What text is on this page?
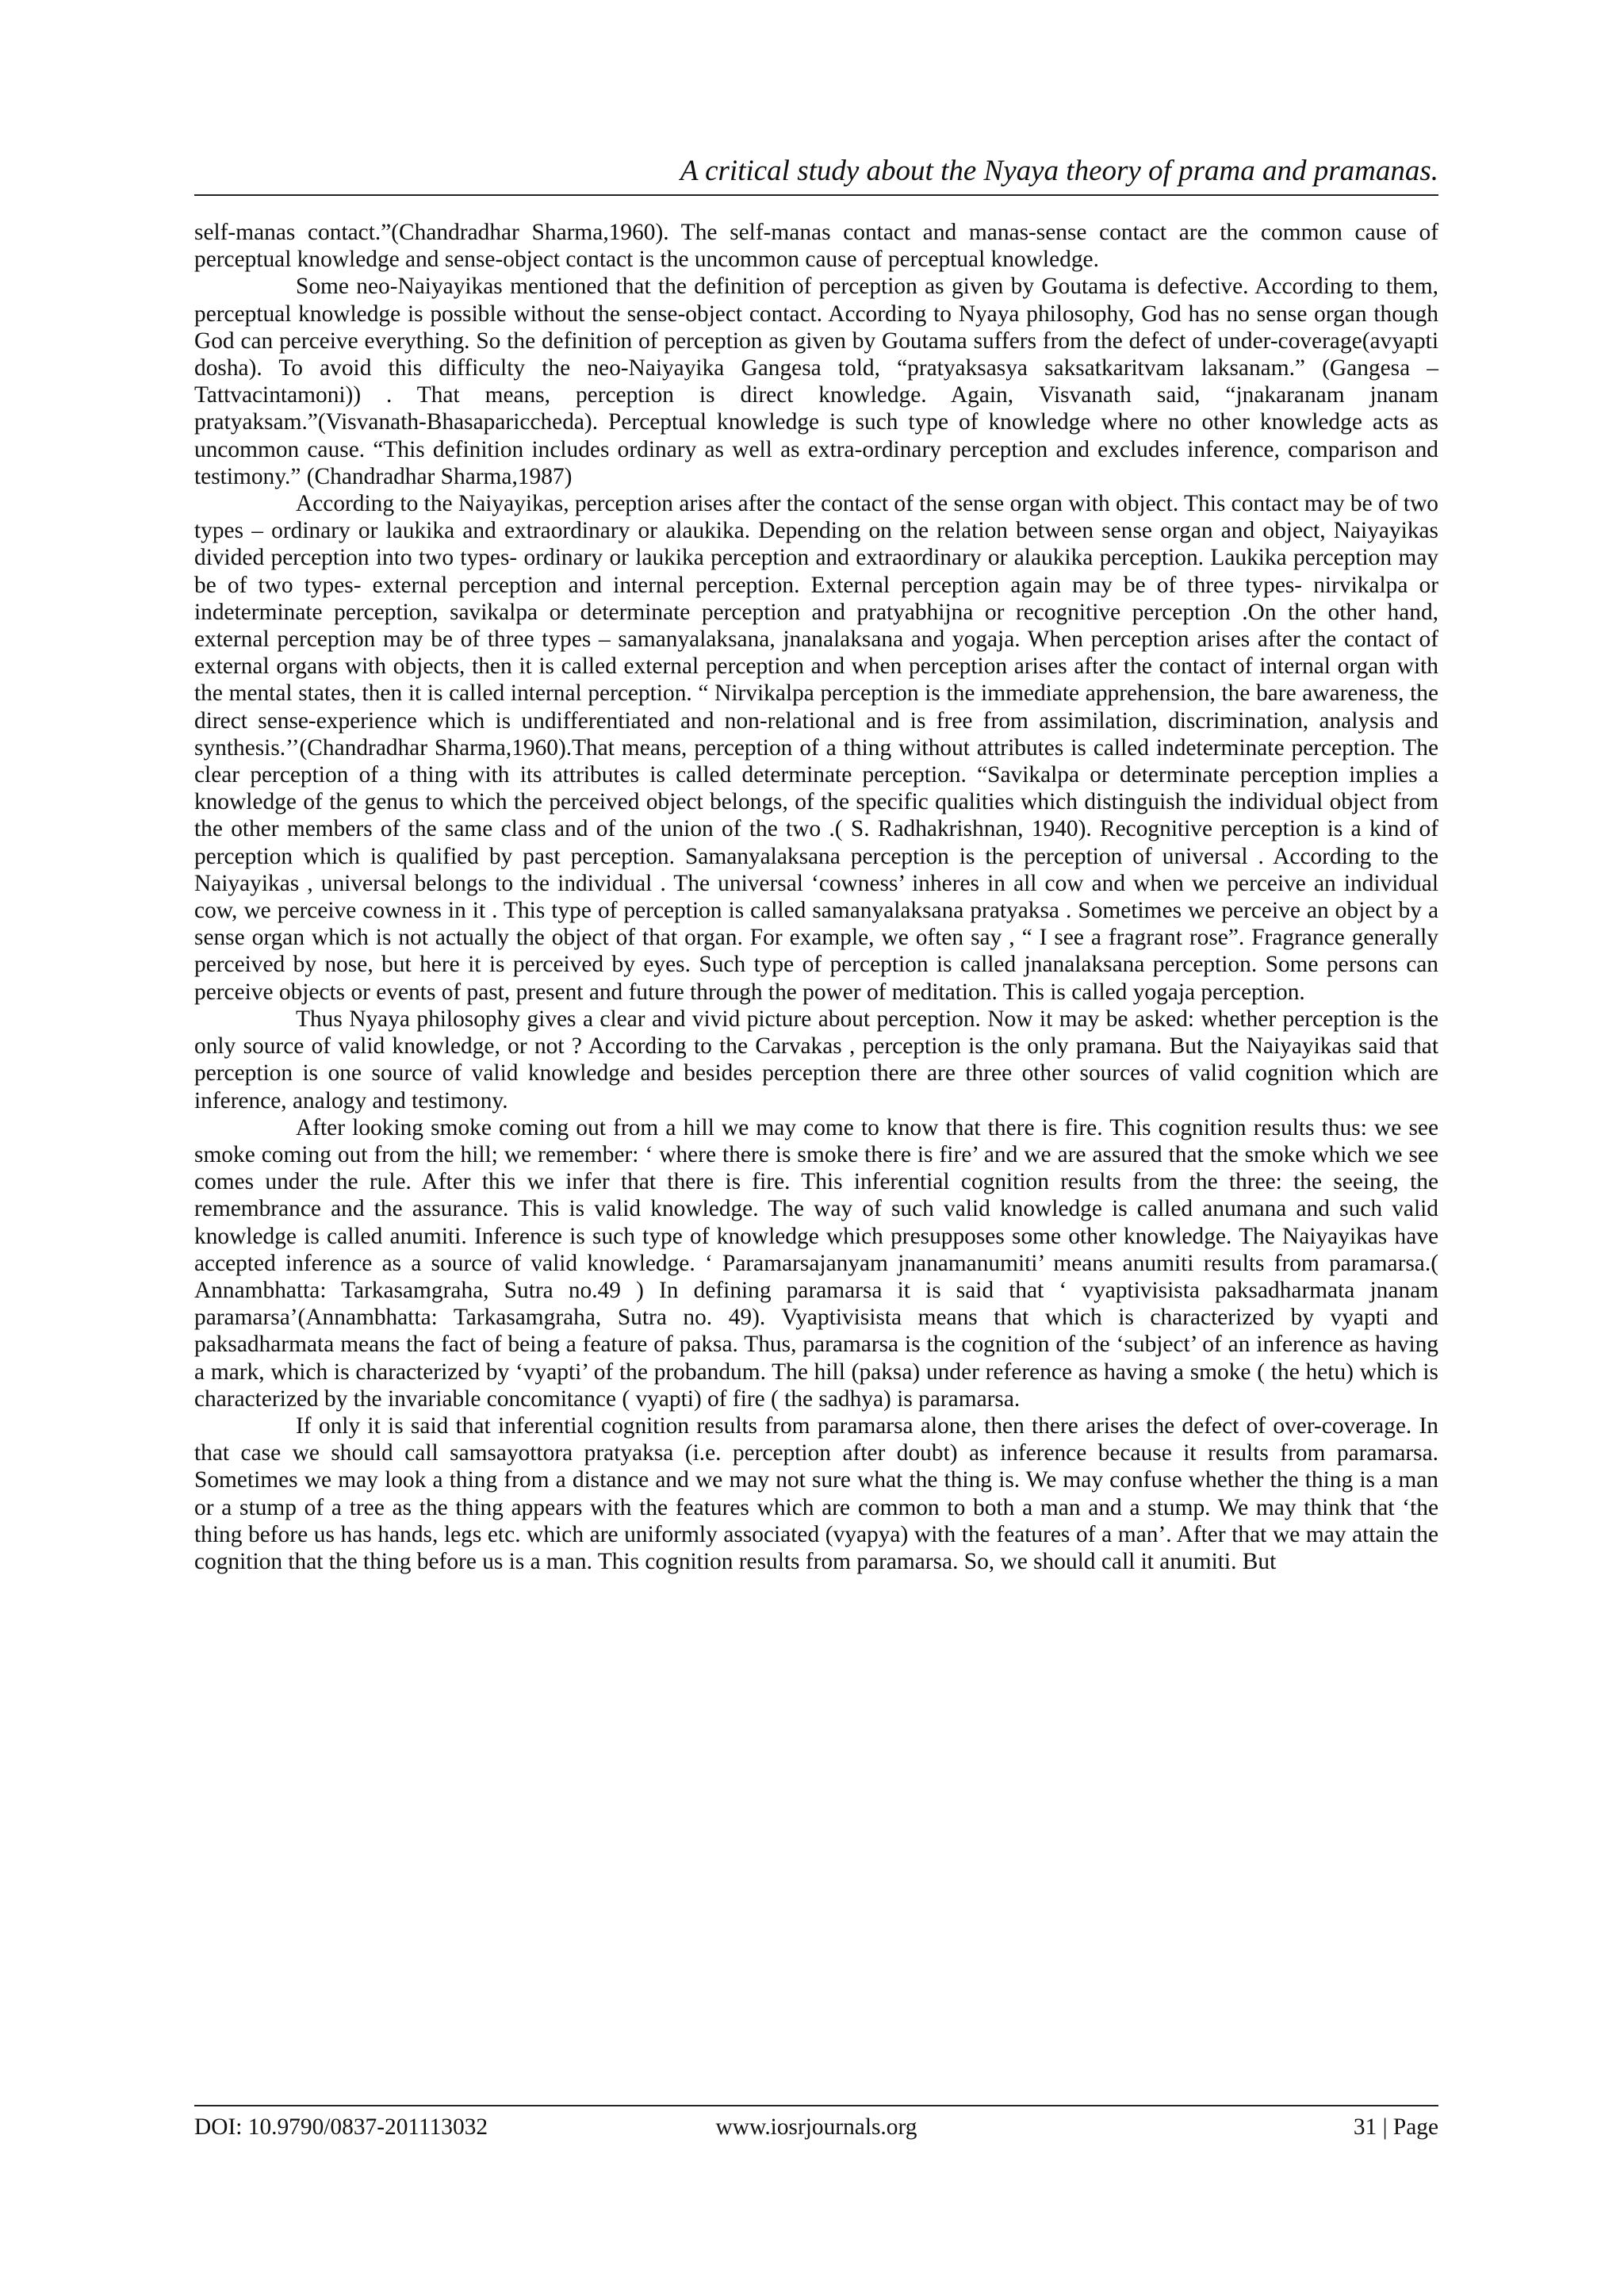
A critical study about the Nyaya theory of prama and pramanas.

self-manas contact.”(Chandradhar Sharma,1960). The self-manas contact and manas-sense contact are the common cause of perceptual knowledge and sense-object contact is the uncommon cause of perceptual knowledge.

Some neo-Naiyayikas mentioned that the definition of perception as given by Goutama is defective. According to them, perceptual knowledge is possible without the sense-object contact. According to Nyaya philosophy, God has no sense organ though God can perceive everything. So the definition of perception as given by Goutama suffers from the defect of under-coverage(avyapti dosha). To avoid this difficulty the neo-Naiyayika Gangesa told, “pratyaksasya saksatkaritvam laksanam.” (Gangesa – Tattvacintamoni)) . That means, perception is direct knowledge. Again, Visvanath said, “jnakaranam jnanam pratyaksam.”(Visvanath-Bhasapariccheda). Perceptual knowledge is such type of knowledge where no other knowledge acts as uncommon cause. “This definition includes ordinary as well as extra-ordinary perception and excludes inference, comparison and testimony.” (Chandradhar Sharma,1987)

According to the Naiyayikas, perception arises after the contact of the sense organ with object. This contact may be of two types – ordinary or laukika and extraordinary or alaukika. Depending on the relation between sense organ and object, Naiyayikas divided perception into two types- ordinary or laukika perception and extraordinary or alaukika perception. Laukika perception may be of two types- external perception and internal perception. External perception again may be of three types- nirvikalpa or indeterminate perception, savikalpa or determinate perception and pratyabhijna or recognitive perception .On the other hand, external perception may be of three types – samanyalaksana, jnanalaksana and yogaja. When perception arises after the contact of external organs with objects, then it is called external perception and when perception arises after the contact of internal organ with the mental states, then it is called internal perception. “ Nirvikalpa perception is the immediate apprehension, the bare awareness, the direct sense-experience which is undifferentiated and non-relational and is free from assimilation, discrimination, analysis and synthesis.’’(Chandradhar Sharma,1960).That means, perception of a thing without attributes is called indeterminate perception. The clear perception of a thing with its attributes is called determinate perception. “Savikalpa or determinate perception implies a knowledge of the genus to which the perceived object belongs, of the specific qualities which distinguish the individual object from the other members of the same class and of the union of the two .( S. Radhakrishnan, 1940). Recognitive perception is a kind of perception which is qualified by past perception. Samanyalaksana perception is the perception of universal . According to the Naiyayikas , universal belongs to the individual . The universal ‘cowness’ inheres in all cow and when we perceive an individual cow, we perceive cowness in it . This type of perception is called samanyalaksana pratyaksa . Sometimes we perceive an object by a sense organ which is not actually the object of that organ. For example, we often say , “ I see a fragrant rose”. Fragrance generally perceived by nose, but here it is perceived by eyes. Such type of perception is called jnanalaksana perception. Some persons can perceive objects or events of past, present and future through the power of meditation. This is called yogaja perception.

Thus Nyaya philosophy gives a clear and vivid picture about perception. Now it may be asked: whether perception is the only source of valid knowledge, or not ? According to the Carvakas , perception is the only pramana. But the Naiyayikas said that perception is one source of valid knowledge and besides perception there are three other sources of valid cognition which are inference, analogy and testimony.

After looking smoke coming out from a hill we may come to know that there is fire. This cognition results thus: we see smoke coming out from the hill; we remember: ‘ where there is smoke there is fire’ and we are assured that the smoke which we see comes under the rule. After this we infer that there is fire. This inferential cognition results from the three: the seeing, the remembrance and the assurance. This is valid knowledge. The way of such valid knowledge is called anumana and such valid knowledge is called anumiti. Inference is such type of knowledge which presupposes some other knowledge. The Naiyayikas have accepted inference as a source of valid knowledge. ‘ Paramarsajanyam jnanamanumiti’ means anumiti results from paramarsa.( Annambhatta: Tarkasamgraha, Sutra no.49 ) In defining paramarsa it is said that ‘ vyaptivisista paksadharmata jnanam paramarsa’(Annambhatta: Tarkasamgraha, Sutra no. 49). Vyaptivisista means that which is characterized by vyapti and paksadharmata means the fact of being a feature of paksa. Thus, paramarsa is the cognition of the ‘subject’ of an inference as having a mark, which is characterized by ‘vyapti’ of the probandum. The hill (paksa) under reference as having a smoke ( the hetu) which is characterized by the invariable concomitance ( vyapti) of fire ( the sadhya) is paramarsa.

If only it is said that inferential cognition results from paramarsa alone, then there arises the defect of over-coverage. In that case we should call samsayottora pratyaksa (i.e. perception after doubt) as inference because it results from paramarsa. Sometimes we may look a thing from a distance and we may not sure what the thing is. We may confuse whether the thing is a man or a stump of a tree as the thing appears with the features which are common to both a man and a stump. We may think that ‘the thing before us has hands, legs etc. which are uniformly associated (vyapya) with the features of a man’. After that we may attain the cognition that the thing before us is a man. This cognition results from paramarsa. So, we should call it anumiti. But

DOI: 10.9790/0837-201113032	www.iosrjournals.org	31 | Page
